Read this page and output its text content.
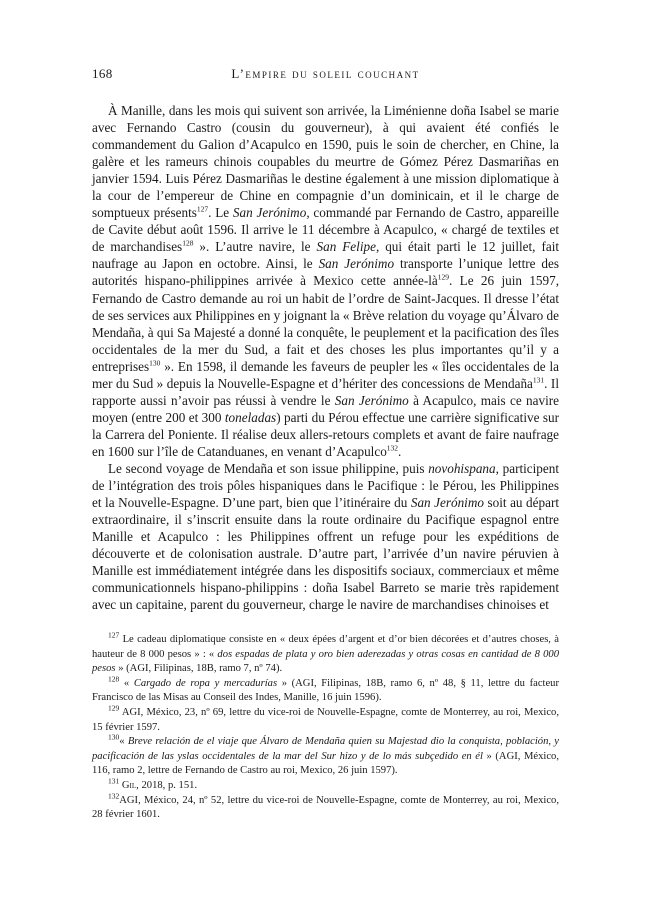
168	L’empire du soleil couchant

À Manille, dans les mois qui suivent son arrivée, la Liménienne doña Isabel se marie avec Fernando Castro (cousin du gouverneur), à qui avaient été confiés le commandement du Galion d’Acapulco en 1590, puis le soin de chercher, en Chine, la galère et les rameurs chinois coupables du meurtre de Gómez Pérez Dasmariñas en janvier 1594. Luis Pérez Dasmariñas le destine également à une mission diplomatique à la cour de l’empereur de Chine en compagnie d’un dominicain, et il le charge de somptueux présents$^{127}$. Le San Jerónimo, commandé par Fernando de Castro, appareille de Cavite début août 1596. Il arrive le 11 décembre à Acapulco, « chargé de textiles et de marchandises$^{128}$ ». L’autre navire, le San Felipe, qui était parti le 12 juillet, fait naufrage au Japon en octobre. Ainsi, le San Jerónimo transporte l’unique lettre des autorités hispano-philippines arrivée à Mexico cette année-$là^{129}$. Le 26 juin 1597, Fernando de Castro demande au roi un habit de l’ordre de Saint-Jacques. Il dresse l’état de ses services aux Philippines en y joignant la « Brève relation du voyage qu’Álvaro de Mendaña, à qui Sa Majesté a donné la conquête, le peuplement et la pacification des îles occidentales de la mer du Sud, a fait et des choses les plus importantes qu’il y a entreprises$^{130}$ ». En 1598, il demande les faveurs de peupler les « îles occidentales de la mer du Sud » depuis la Nouvelle-Espagne et d’hériter des concessions de Mendaña$^{131}$. Il rapporte aussi n’avoir pas réussi à vendre le San Jerónimo à Acapulco, mais ce navire moyen (entre 200 et 300 toneladas) parti du Pérou effectue une carrière significative sur la Carrera del Poniente. Il réalise deux allers-retours complets et avant de faire naufrage en 1600 sur l’île de Catanduanes, en venant d’Acapulco$^{132}$.

Le second voyage de Mendaña et son issue philippine, puis novohispana, participent de l’intégration des trois pôles hispaniques dans le Pacifique : le Pérou, les Philippines et la Nouvelle-Espagne. D’une part, bien que l’itinéraire du San Jerónimo soit au départ extraordinaire, il s’inscrit ensuite dans la route ordinaire du Pacifique espagnol entre Manille et Acapulco : les Philippines offrent un refuge pour les expéditions de découverte et de colonisation australe. D’autre part, l’arrivée d’un navire péruvien à Manille est immédiatement intégrée dans les dispositifs sociaux, commerciaux et même communicationnels hispano-philippins : doña Isabel Barreto se marie très rapidement avec un capitaine, parent du gouverneur, charge le navire de marchandises chinoises et

$^{127}$ Le cadeau diplomatique consiste en « deux épées d’argent et d’or bien décorées et d’autres choses, à hauteur de 8 000 pesos » : « dos espadas de plata y oro bien aderezadas y otras cosas en cantidad de 8 000 pesos » (AGI, Filipinas, 18B, ramo 7, nº 74).

$^{128}$ « Cargado de ropa y mercadurías » (AGI, Filipinas, 18B, ramo 6, nº 48, § 11, lettre du facteur Francisco de las Misas au Conseil des Indes, Manille, 16 juin 1596).

$^{129}$ AGI, México, 23, nº 69, lettre du vice-roi de Nouvelle-Espagne, comte de Monterrey, au roi, Mexico, 15 février 1597.

$^{130}$« Breve relación de el viaje que Álvaro de Mendaña quien su Majestad dio la conquista, población, y pacificación de las yslas occidentales de la mar del Sur hizo y de lo más subçedido en él » (AGI, México, 116, ramo 2, lettre de Fernando de Castro au roi, Mexico, 26 juin 1597).

$^{131}$ Gil, 2018, p. 151.

$^{132}$AGI, México, 24, nº 52, lettre du vice-roi de Nouvelle-Espagne, comte de Monterrey, au roi, Mexico, 28 février 1601.
